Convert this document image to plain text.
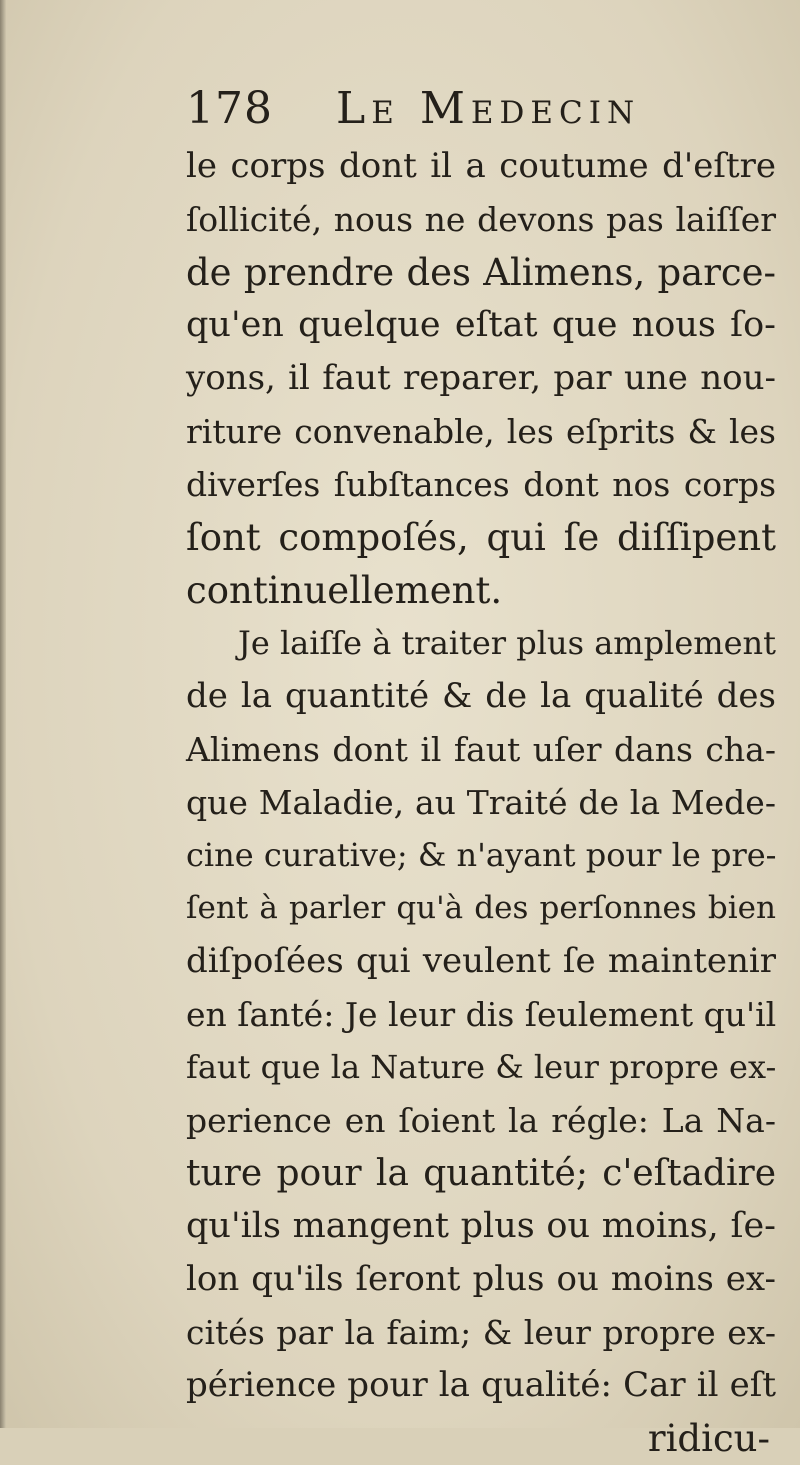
178	Le Medecin
le corps dont il a coutume d'eſtre
ſollicité, nous ne devons pas laiſſer
de prendre des Alimens, parce-
qu'en quelque eſtat que nous ſo-
yons, il faut reparer, par une nou-
riture convenable, les eſprits & les
diverſes ſubſtances dont nos corps
ſont compoſés, qui ſe diſſipent
continuellement.
Je laiſſe à traiter plus amplement
de la quantité & de la qualité des
Alimens dont il faut uſer dans cha-
que Maladie, au Traité de la Mede-
cine curative; & n'ayant pour le pre-
ſent à parler qu'à des perſonnes bien
diſpoſées qui veulent ſe maintenir
en ſanté: Je leur dis ſeulement qu'il
faut que la Nature & leur propre ex-
perience en ſoient la régle: La Na-
ture pour la quantité; c'eſtadire
qu'ils mangent plus ou moins, ſe-
lon qu'ils ſeront plus ou moins ex-
cités par la faim; & leur propre ex-
périence pour la qualité: Car il eſt
ridicu-
